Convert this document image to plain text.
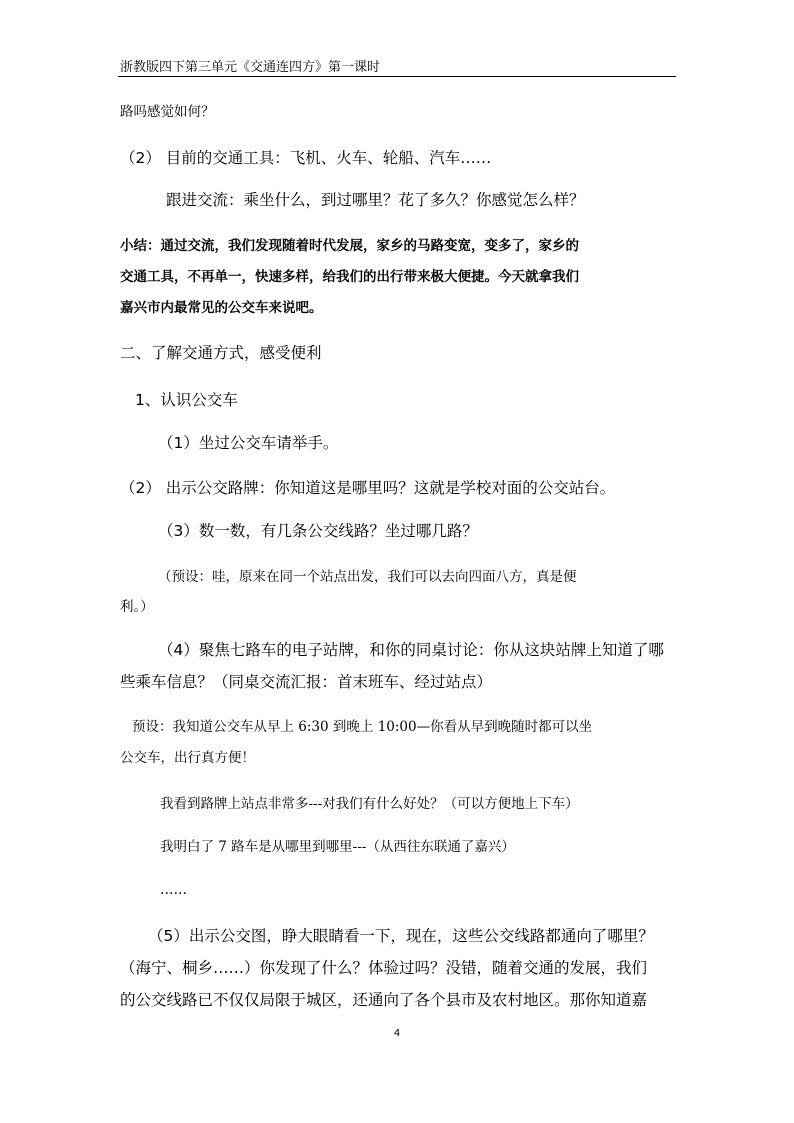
浙教版四下第三单元《交通连四方》第一课时
路吗感觉如何？
（2） 目前的交通工具：飞机、火车、轮船、汽车……
跟进交流：乘坐什么，到过哪里？花了多久？你感觉怎么样？
小结：通过交流，我们发现随着时代发展，家乡的马路变宽，变多了，家乡的
交通工具，不再单一，快速多样，给我们的出行带来极大便捷。今天就拿我们
嘉兴市内最常见的公交车来说吧。
二、了解交通方式，感受便利
1、认识公交车
（1）坐过公交车请举手。
（2） 出示公交路牌：你知道这是哪里吗？这就是学校对面的公交站台。
（3）数一数，有几条公交线路？坐过哪几路？
（预设：哇，原来在同一个站点出发，我们可以去向四面八方，真是便
利。）
（4）聚焦七路车的电子站牌，和你的同桌讨论：你从这块站牌上知道了哪
些乘车信息？（同桌交流汇报：首末班车、经过站点）
预设：我知道公交车从早上 6:30 到晚上 10:00—你看从早到晚随时都可以坐
公交车，出行真方便！
我看到路牌上站点非常多---对我们有什么好处？（可以方便地上下车）
我明白了 7 路车是从哪里到哪里---（从西往东联通了嘉兴）
……
（5）出示公交图，睁大眼睛看一下，现在，这些公交线路都通向了哪里？
（海宁、桐乡……）你发现了什么？体验过吗？没错，随着交通的发展，我们
的公交线路已不仅仅局限于城区，还通向了各个县市及农村地区。那你知道嘉
4
